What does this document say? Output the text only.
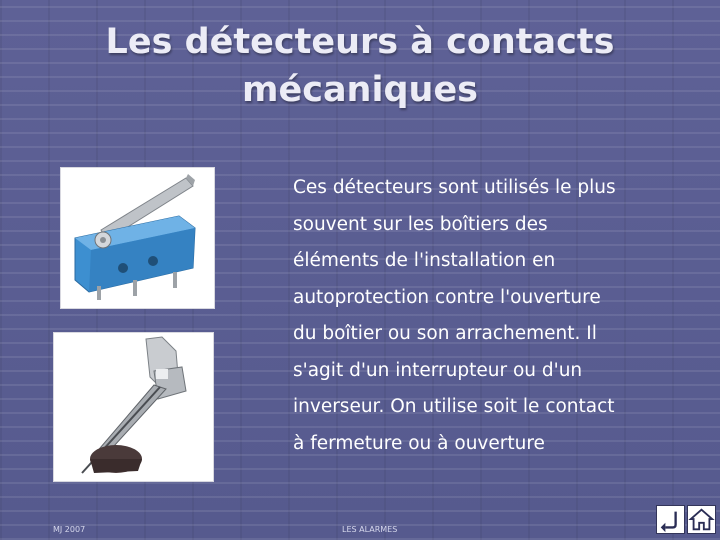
Les détecteurs à contacts
mécaniques
Ces détecteurs sont utilisés le plus
souvent sur les boîtiers des
éléments de l'installation en
autoprotection contre l'ouverture
du boîtier ou son arrachement. Il
s'agit d'un interrupteur ou d'un
inverseur. On utilise soit le contact
à fermeture ou à ouverture
MJ 2007	LES ALARMES
